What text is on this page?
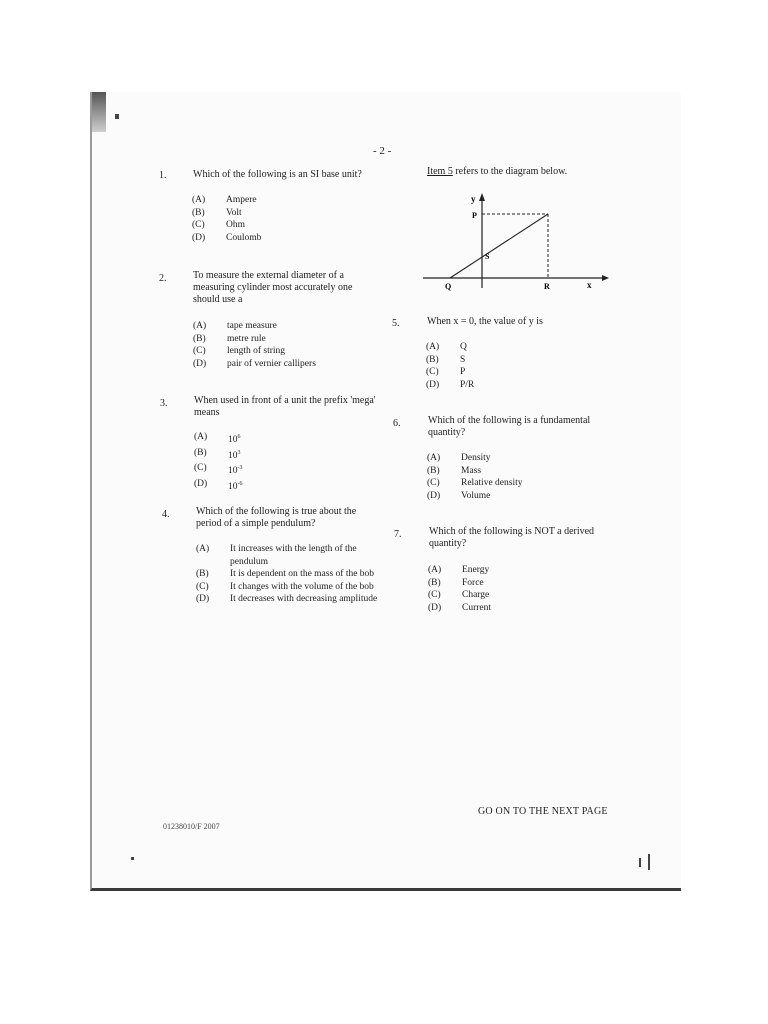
- 2 -
1.	Which of the following is an SI base unit?
(A)	Ampere
(B)	Volt
(C)	Ohm
(D)	Coulomb
2.	To measure the external diameter of a measuring cylinder most accurately one should use a
(A)	tape measure
(B)	metre rule
(C)	length of string
(D)	pair of vernier callipers
3.	When used in front of a unit the prefix 'mega' means
(A)	$10^6$
(B)	$10^3$
(C)	$10^{-3}$
(D)	$10^{-6}$
4.	Which of the following is true about the period of a simple pendulum?
(A)	It increases with the length of the pendulum
(B)	It is dependent on the mass of the bob
(C)	It changes with the volume of the bob
(D)	It decreases with decreasing amplitude
Item 5 refers to the diagram below.
y
x
P
S
Q	R
5.	When x = 0, the value of y is
(A)	Q
(B)	S
(C)	P
(D)	P/R
6.	Which of the following is a fundamental quantity?
(A)	Density
(B)	Mass
(C)	Relative density
(D)	Volume
7.	Which of the following is NOT a derived quantity?
(A)	Energy
(B)	Force
(C)	Charge
(D)	Current
GO ON TO THE NEXT PAGE
01238010/F 2007
